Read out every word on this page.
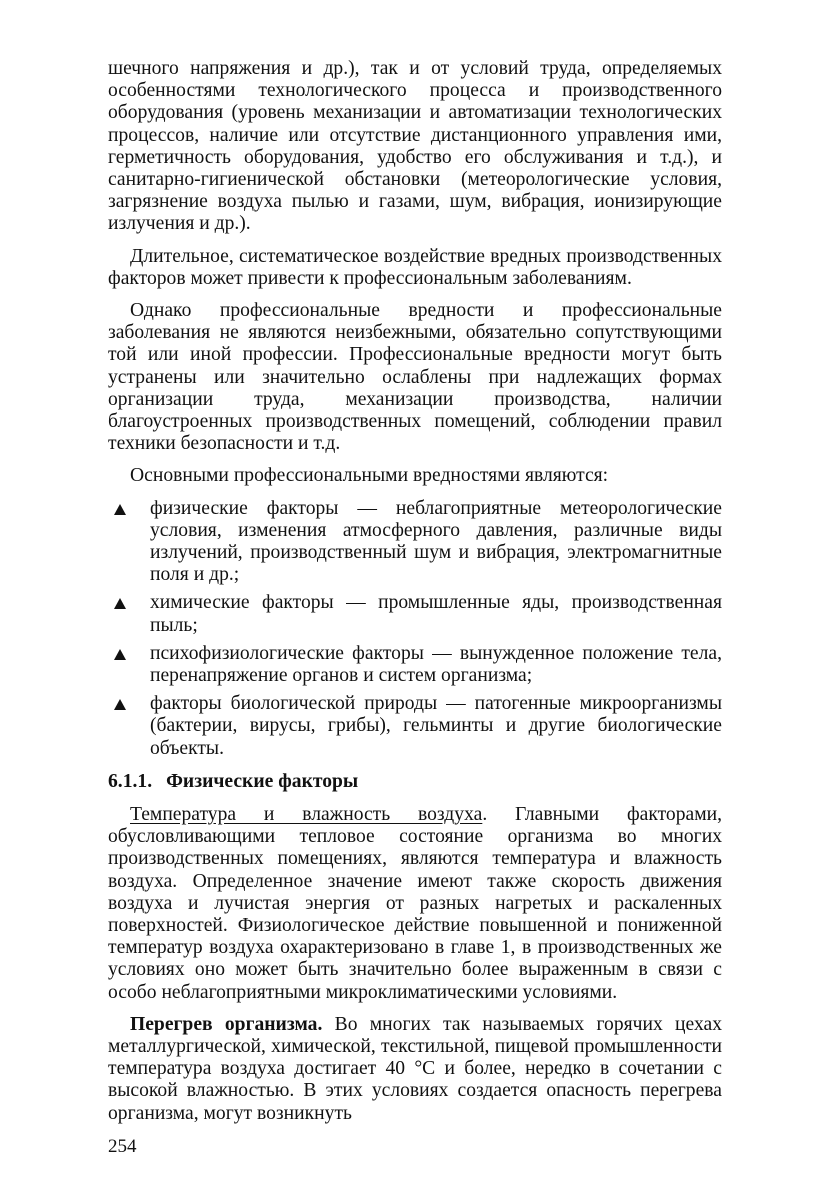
шечного напряжения и др.), так и от условий труда, определяемых особенностями технологического процесса и производственного оборудования (уровень механизации и автоматизации технологических процессов, наличие или отсутствие дистанционного управления ими, герметичность оборудования, удобство его обслуживания и т.д.), и санитарно-гигиенической обстановки (метеорологические условия, загрязнение воздуха пылью и газами, шум, вибрация, ионизирующие излучения и др.).

Длительное, систематическое воздействие вредных производственных факторов может привести к профессиональным заболеваниям.

Однако профессиональные вредности и профессиональные заболевания не являются неизбежными, обязательно сопутствующими той или иной профессии. Профессиональные вредности могут быть устранены или значительно ослаблены при надлежащих формах организации труда, механизации производства, наличии благоустроенных производственных помещений, соблюдении правил техники безопасности и т.д.

Основными профессиональными вредностями являются:

физические факторы — неблагоприятные метеорологические условия, изменения атмосферного давления, различные виды излучений, производственный шум и вибрация, электромагнитные поля и др.;
химические факторы — промышленные яды, производственная пыль;
психофизиологические факторы — вынужденное положение тела, перенапряжение органов и систем организма;
факторы биологической природы — патогенные микроорганизмы (бактерии, вирусы, грибы), гельминты и другие биологические объекты.
6.1.1. Физические факторы

Температура и влажность воздуха. Главными факторами, обусловливающими тепловое состояние организма во многих производственных помещениях, являются температура и влажность воздуха. Определенное значение имеют также скорость движения воздуха и лучистая энергия от разных нагретых и раскаленных поверхностей. Физиологическое действие повышенной и пониженной температур воздуха охарактеризовано в главе 1, в производственных же условиях оно может быть значительно более выраженным в связи с особо неблагоприятными микроклиматическими условиями.

Перегрев организма. Во многих так называемых горячих цехах металлургической, химической, текстильной, пищевой промышленности температура воздуха достигает 40 °С и более, нередко в сочетании с высокой влажностью. В этих условиях создается опасность перегрева организма, могут возникнуть

254
